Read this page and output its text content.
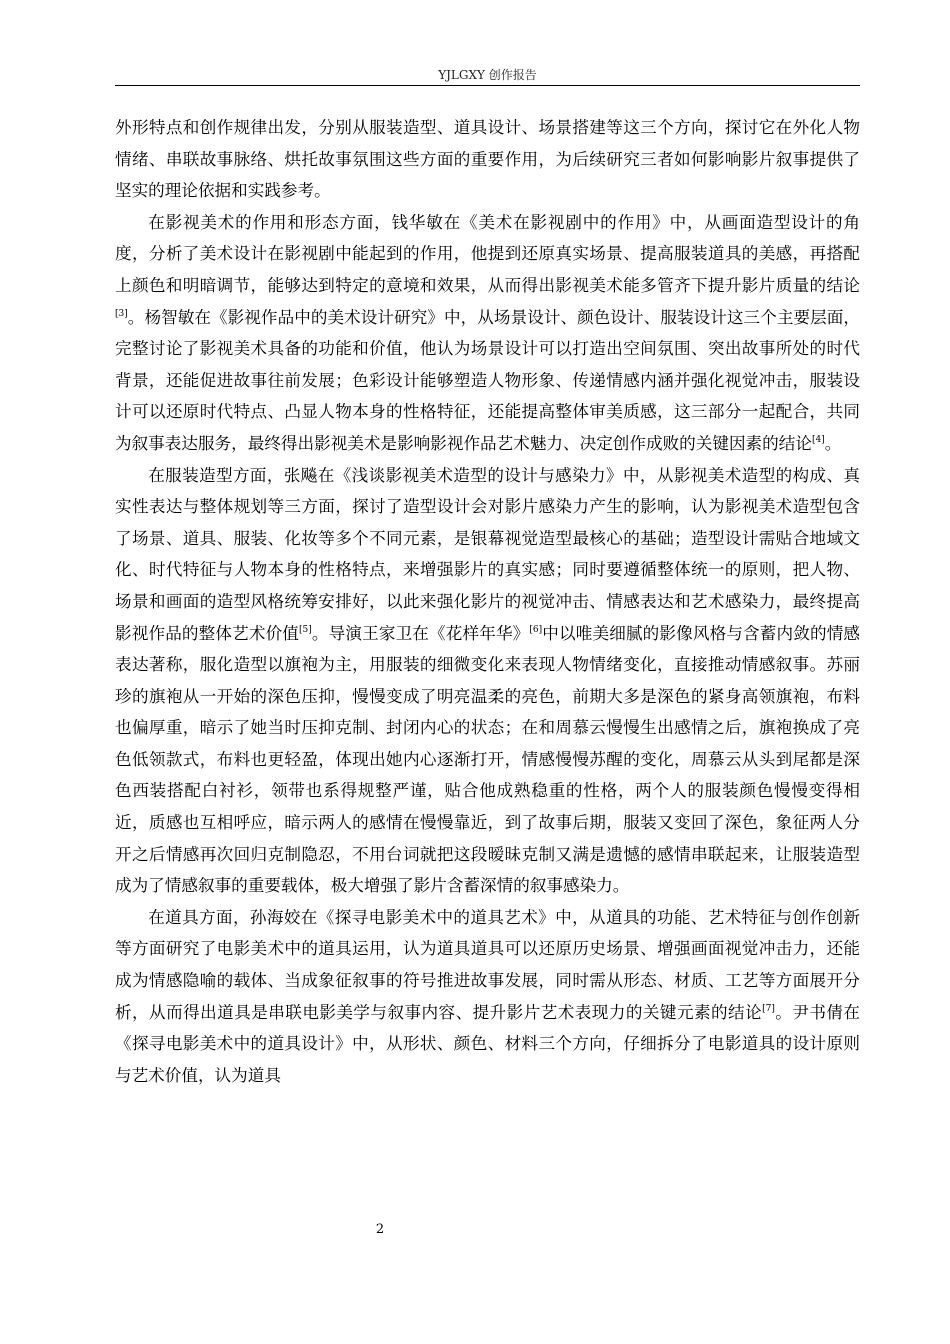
YJLGXY 创作报告

外形特点和创作规律出发，分别从服装造型、道具设计、场景搭建等这三个方向，探讨它在外化人物情绪、串联故事脉络、烘托故事氛围这些方面的重要作用，为后续研究三者如何影响影片叙事提供了坚实的理论依据和实践参考。

在影视美术的作用和形态方面，钱华敏在《美术在影视剧中的作用》中，从画面造型设计的角度，分析了美术设计在影视剧中能起到的作用，他提到还原真实场景、提高服装道具的美感，再搭配上颜色和明暗调节，能够达到特定的意境和效果，从而得出影视美术能多管齐下提升影片质量的结论[3]。杨智敏在《影视作品中的美术设计研究》中，从场景设计、颜色设计、服装设计这三个主要层面，完整讨论了影视美术具备的功能和价值，他认为场景设计可以打造出空间氛围、突出故事所处的时代背景，还能促进故事往前发展；色彩设计能够塑造人物形象、传递情感内涵并强化视觉冲击，服装设计可以还原时代特点、凸显人物本身的性格特征，还能提高整体审美质感，这三部分一起配合，共同为叙事表达服务，最终得出影视美术是影响影视作品艺术魅力、决定创作成败的关键因素的结论[4]。

在服装造型方面，张飚在《浅谈影视美术造型的设计与感染力》中，从影视美术造型的构成、真实性表达与整体规划等三方面，探讨了造型设计会对影片感染力产生的影响，认为影视美术造型包含了场景、道具、服装、化妆等多个不同元素，是银幕视觉造型最核心的基础；造型设计需贴合地域文化、时代特征与人物本身的性格特点，来增强影片的真实感；同时要遵循整体统一的原则，把人物、场景和画面的造型风格统筹安排好，以此来强化影片的视觉冲击、情感表达和艺术感染力，最终提高影视作品的整体艺术价值[5]。导演王家卫在《花样年华》[6]中以唯美细腻的影像风格与含蓄内敛的情感表达著称，服化造型以旗袍为主，用服装的细微变化来表现人物情绪变化，直接推动情感叙事。苏丽珍的旗袍从一开始的深色压抑，慢慢变成了明亮温柔的亮色，前期大多是深色的紧身高领旗袍，布料也偏厚重，暗示了她当时压抑克制、封闭内心的状态；在和周慕云慢慢生出感情之后，旗袍换成了亮色低领款式，布料也更轻盈，体现出她内心逐渐打开，情感慢慢苏醒的变化，周慕云从头到尾都是深色西装搭配白衬衫，领带也系得规整严谨，贴合他成熟稳重的性格，两个人的服装颜色慢慢变得相近，质感也互相呼应，暗示两人的感情在慢慢靠近，到了故事后期，服装又变回了深色，象征两人分开之后情感再次回归克制隐忍，不用台词就把这段暧昧克制又满是遗憾的感情串联起来，让服装造型成为了情感叙事的重要载体，极大增强了影片含蓄深情的叙事感染力。

在道具方面，孙海姣在《探寻电影美术中的道具艺术》中，从道具的功能、艺术特征与创作创新等方面研究了电影美术中的道具运用，认为道具道具可以还原历史场景、增强画面视觉冲击力，还能成为情感隐喻的载体、当成象征叙事的符号推进故事发展，同时需从形态、材质、工艺等方面展开分析，从而得出道具是串联电影美学与叙事内容、提升影片艺术表现力的关键元素的结论[7]。尹书倩在《探寻电影美术中的道具设计》中，从形状、颜色、材料三个方向，仔细拆分了电影道具的设计原则与艺术价值，认为道具

2
